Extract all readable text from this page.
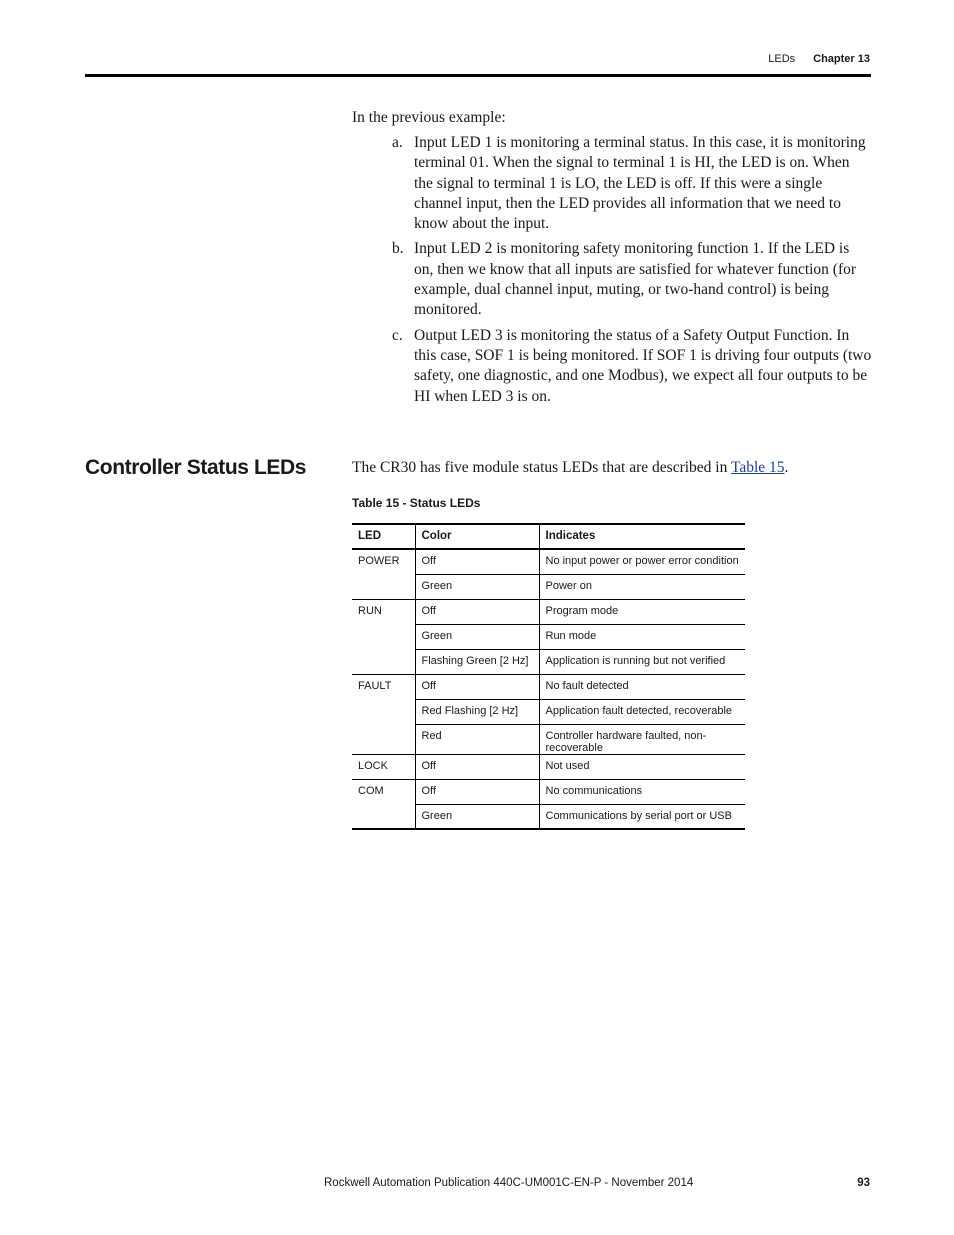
LEDs Chapter 13

In the previous example:

a. Input LED 1 is monitoring a terminal status. In this case, it is monitoring terminal 01. When the signal to terminal 1 is HI, the LED is on. When the signal to terminal 1 is LO, the LED is off. If this were a single channel input, then the LED provides all information that we need to know about the input.
b. Input LED 2 is monitoring safety monitoring function 1. If the LED is on, then we know that all inputs are satisfied for whatever function (for example, dual channel input, muting, or two-hand control) is being monitored.
c. Output LED 3 is monitoring the status of a Safety Output Function. In this case, SOF 1 is being monitored. If SOF 1 is driving four outputs (two safety, one diagnostic, and one Modbus), we expect all four outputs to be HI when LED 3 is on.
Controller Status LEDs	The CR30 has five module status LEDs that are described in Table 15.

Table 15 - Status LEDs
LED	Color	Indicates
POWER	Off	No input power or power error condition
	Green	Power on
RUN	Off	Program mode
	Green	Run mode
	Flashing Green [2 Hz]	Application is running but not verified
FAULT	Off	No fault detected
	Red Flashing [2 Hz]	Application fault detected, recoverable
	Red	Controller hardware faulted, non-recoverable
LOCK	Off	Not used
COM	Off	No communications
	Green	Communications by serial port or USB
Rockwell Automation Publication 440C-UM001C-EN-P - November 2014	93
